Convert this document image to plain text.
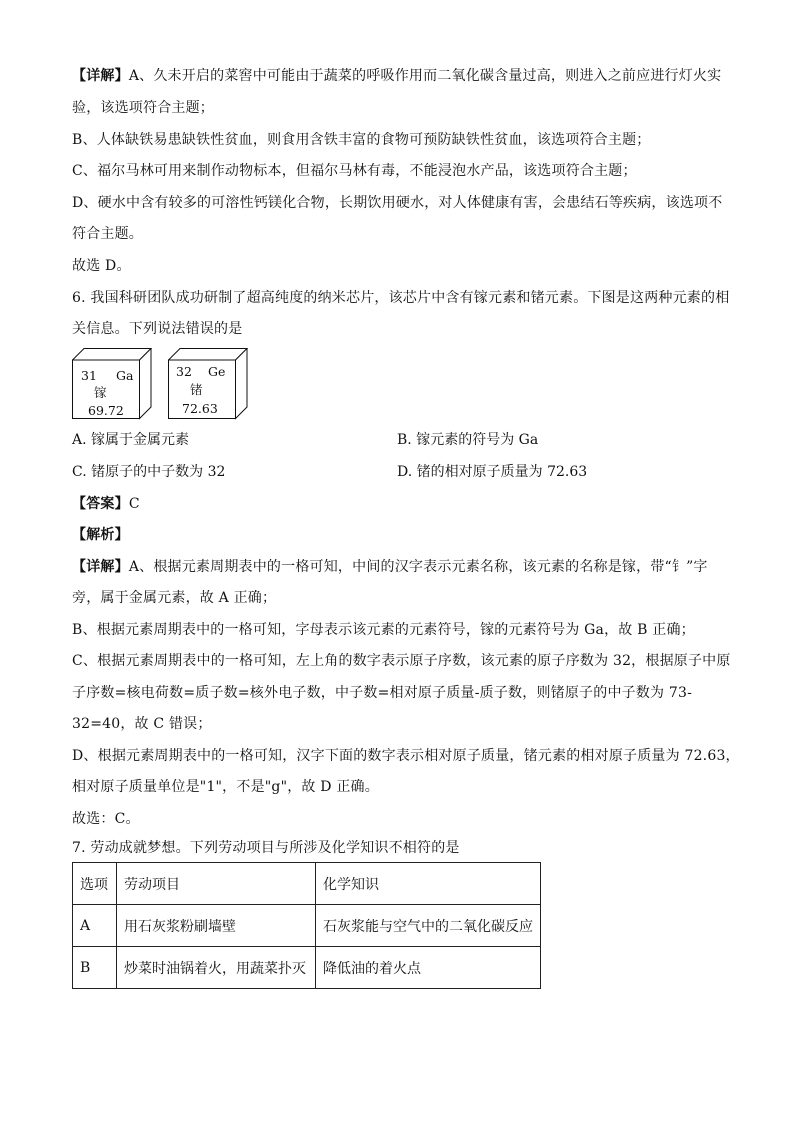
【详解】A、久未开启的菜窖中可能由于蔬菜的呼吸作用而二氧化碳含量过高，则进入之前应进行灯火实
验，该选项符合主题；
B、人体缺铁易患缺铁性贫血，则食用含铁丰富的食物可预防缺铁性贫血，该选项符合主题；
C、福尔马林可用来制作动物标本，但福尔马林有毒，不能浸泡水产品，该选项符合主题；
D、硬水中含有较多的可溶性钙镁化合物，长期饮用硬水，对人体健康有害，会患结石等疾病，该选项不
符合主题。
故选 D。
6. 我国科研团队成功研制了超高纯度的纳米芯片，该芯片中含有镓元素和锗元素。下图是这两种元素的相
关信息。下列说法错误的是
31 Ga
镓
69.72
32 Ge
锗
72.63
A. 镓属于金属元素	B. 镓元素的符号为 Ga
C. 锗原子的中子数为 32	D. 锗的相对原子质量为 72.63
【答案】C
【解析】
【详解】A、根据元素周期表中的一格可知，中间的汉字表示元素名称，该元素的名称是镓，带“钅”字
旁，属于金属元素，故 A 正确；
B、根据元素周期表中的一格可知，字母表示该元素的元素符号，镓的元素符号为 Ga，故 B 正确；
C、根据元素周期表中的一格可知，左上角的数字表示原子序数，该元素的原子序数为 32，根据原子中原
子序数=核电荷数=质子数=核外电子数，中子数=相对原子质量-质子数，则锗原子的中子数为 73-
32=40，故 C 错误；
D、根据元素周期表中的一格可知，汉字下面的数字表示相对原子质量，锗元素的相对原子质量为 72.63，
相对原子质量单位是"1"，不是"g"，故 D 正确。
故选：C。
7. 劳动成就梦想。下列劳动项目与所涉及化学知识不相符的是
选项	劳动项目	化学知识
A	用石灰浆粉刷墙壁	石灰浆能与空气中的二氧化碳反应
B	炒菜时油锅着火，用蔬菜扑灭	降低油的着火点
